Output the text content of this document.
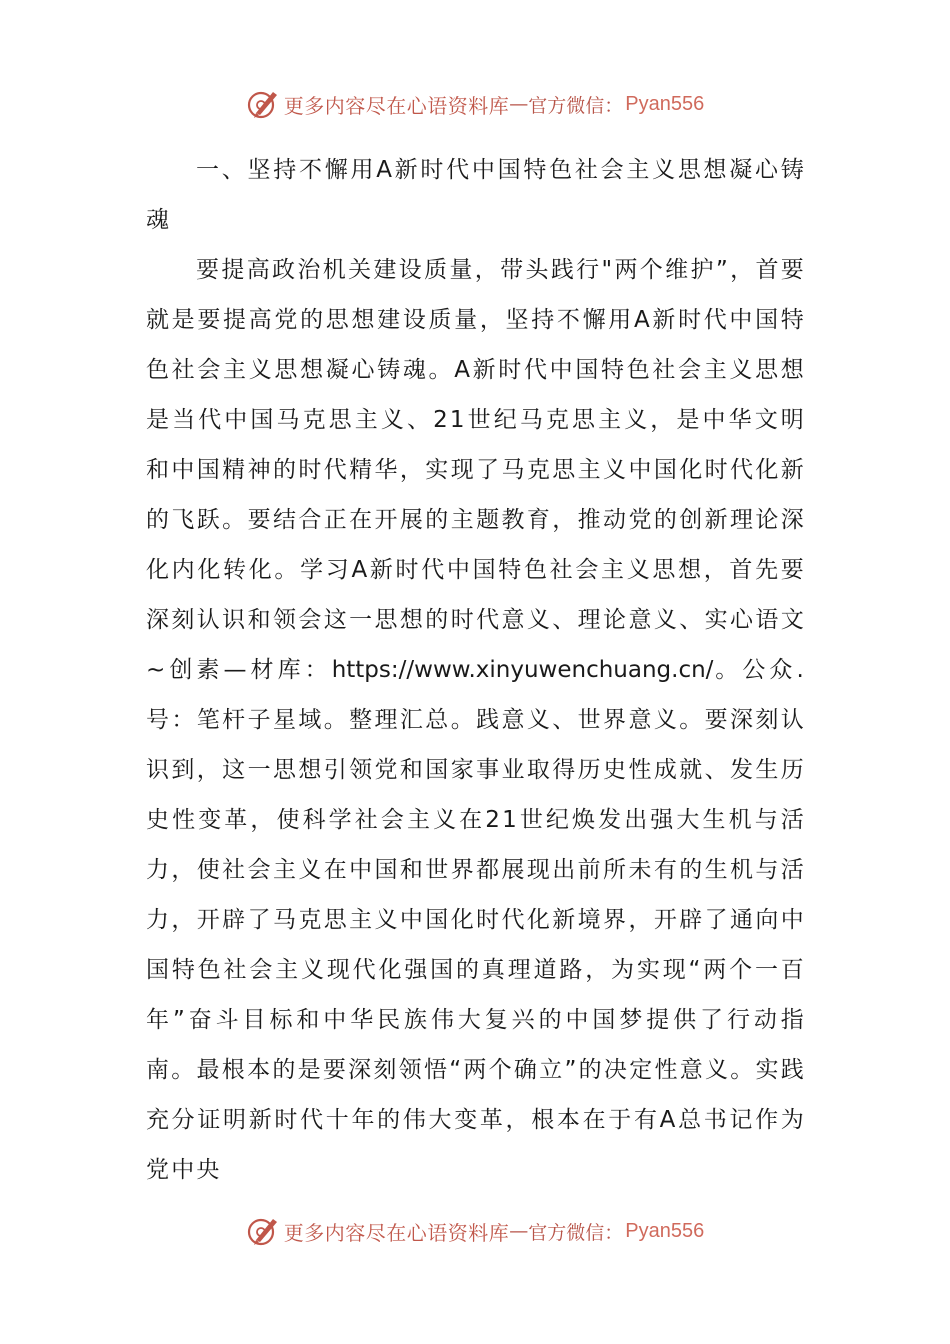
更多内容尽在心语资料库 — 官方微信： Pyan556

一、坚持不懈用A新时代中国特色社会主义思想凝心铸魂

要提高政治机关建设质量，带头践行"两个维护”，首要就是要提高党的思想建设质量，坚持不懈用A新时代中国特色社会主义思想凝心铸魂。A新时代中国特色社会主义思想是当代中国马克思主义、21世纪马克思主义，是中华文明和中国精神的时代精华，实现了马克思主义中国化时代化新的飞跃。要结合正在开展的主题教育，推动党的创新理论深化内化转化。学习A新时代中国特色社会主义思想，首先要深刻认识和领会这一思想的时代意义、理论意义、实心语文~创素—材库：https://www.xinyuwenchuang.cn/。公众.号：笔杆子星域。整理汇总。践意义、世界意义。要深刻认识到，这一思想引领党和国家事业取得历史性成就、发生历史性变革，使科学社会主义在21世纪焕发出强大生机与活力，使社会主义在中国和世界都展现出前所未有的生机与活力，开辟了马克思主义中国化时代化新境界，开辟了通向中国特色社会主义现代化强国的真理道路，为实现“两个一百年”奋斗目标和中华民族伟大复兴的中国梦提供了行动指南。最根本的是要深刻领悟“两个确立”的决定性意义。实践充分证明新时代十年的伟大变革，根本在于有A总书记作为党中央

更多内容尽在心语资料库 — 官方微信： Pyan556
